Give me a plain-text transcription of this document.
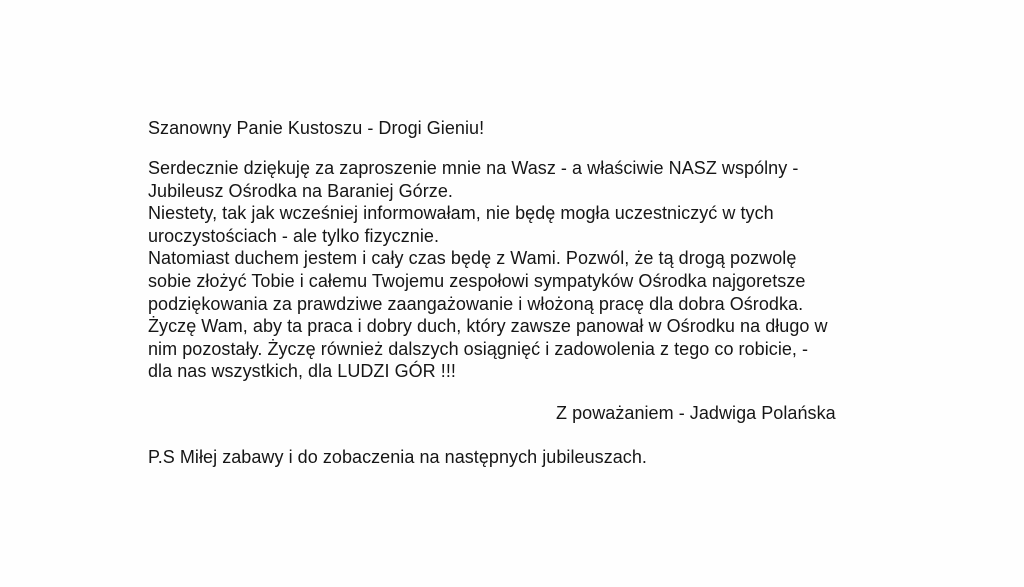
Szanowny Panie Kustoszu - Drogi Gieniu!
Serdecznie dziękuję za zaproszenie mnie na Wasz - a właściwie NASZ wspólny -
Jubileusz Ośrodka na Baraniej Górze.
Niestety, tak jak wcześniej informowałam, nie będę mogła uczestniczyć w tych
uroczystościach - ale tylko fizycznie.
Natomiast duchem jestem i cały czas będę z Wami. Pozwól, że tą drogą pozwolę
sobie złożyć Tobie i całemu Twojemu zespołowi sympatyków Ośrodka najgoretsze
podziękowania za prawdziwe zaangażowanie i włożoną pracę dla dobra Ośrodka.
Życzę Wam, aby ta praca i dobry duch, który zawsze panował w Ośrodku na długo w
nim pozostały. Życzę również dalszych osiągnięć i zadowolenia z tego co robicie, -
dla nas wszystkich, dla LUDZI GÓR !!!
Z poważaniem - Jadwiga Polańska
P.S Miłej zabawy i do zobaczenia na następnych jubileuszach.
